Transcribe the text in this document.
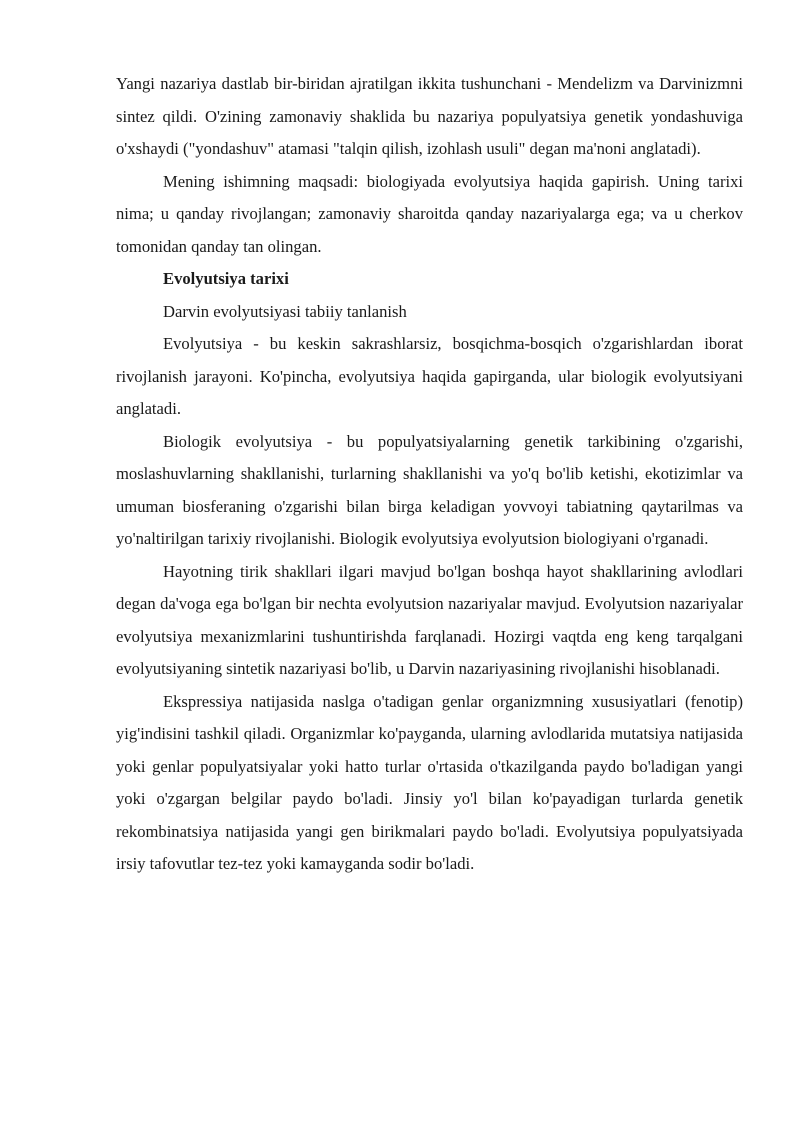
Yangi nazariya dastlab bir-biridan ajratilgan ikkita tushunchani - Mendelizm va Darvinizmni sintez qildi. O'zining zamonaviy shaklida bu nazariya populyatsiya genetik yondashuviga o'xshaydi ("yondashuv" atamasi "talqin qilish, izohlash usuli" degan ma'noni anglatadi).

Mening ishimning maqsadi: biologiyada evolyutsiya haqida gapirish. Uning tarixi nima; u qanday rivojlangan; zamonaviy sharoitda qanday nazariyalarga ega; va u cherkov tomonidan qanday tan olingan.

Evolyutsiya tarixi

Darvin evolyutsiyasi tabiiy tanlanish

Evolyutsiya - bu keskin sakrashlarsiz, bosqichma-bosqich o'zgarishlardan iborat rivojlanish jarayoni. Ko'pincha, evolyutsiya haqida gapirganda, ular biologik evolyutsiyani anglatadi.

Biologik evolyutsiya - bu populyatsiyalarning genetik tarkibining o'zgarishi, moslashuvlarning shakllanishi, turlarning shakllanishi va yo'q bo'lib ketishi, ekotizimlar va umuman biosferaning o'zgarishi bilan birga keladigan yovvoyi tabiatning qaytarilmas va yo'naltirilgan tarixiy rivojlanishi. Biologik evolyutsiya evolyutsion biologiyani o'rganadi.

Hayotning tirik shakllari ilgari mavjud bo'lgan boshqa hayot shakllarining avlodlari degan da'voga ega bo'lgan bir nechta evolyutsion nazariyalar mavjud. Evolyutsion nazariyalar evolyutsiya mexanizmlarini tushuntirishda farqlanadi. Hozirgi vaqtda eng keng tarqalgani evolyutsiyaning sintetik nazariyasi bo'lib, u Darvin nazariyasining rivojlanishi hisoblanadi.

Ekspressiya natijasida naslga o'tadigan genlar organizmning xususiyatlari (fenotip) yig'indisini tashkil qiladi. Organizmlar ko'payganda, ularning avlodlarida mutatsiya natijasida yoki genlar populyatsiyalar yoki hatto turlar o'rtasida o'tkazilganda paydo bo'ladigan yangi yoki o'zgargan belgilar paydo bo'ladi. Jinsiy yo'l bilan ko'payadigan turlarda genetik rekombinatsiya natijasida yangi gen birikmalari paydo bo'ladi. Evolyutsiya populyatsiyada irsiy tafovutlar tez-tez yoki kamayganda sodir bo'ladi.
